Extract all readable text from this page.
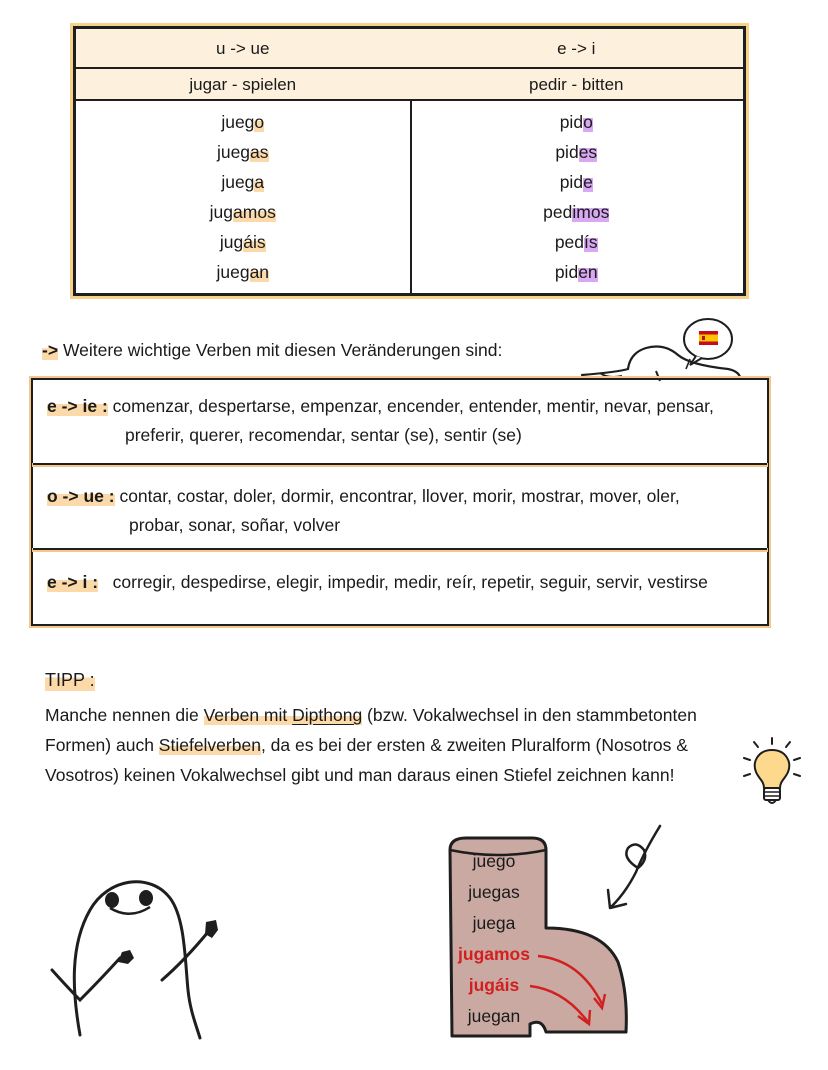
u -> ue
jugar - spielen
juego
juegas
juega
jugamos
jugáis
juegan
e -> i
pedir - bitten
pido
pides
pide
pedimos
pedís
piden
-> Weitere wichtige Verben mit diesen Veränderungen sind:
e -> ie : comenzar, despertarse, empenzar, encender, entender, mentir, nevar, pensar,
preferir, querer, recomendar, sentar (se), sentir (se)
o -> ue : contar, costar, doler, dormir, encontrar, llover, morir, mostrar, mover, oler,
probar, sonar, soñar, volver
e -> i : corregir, despedirse, elegir, impedir, medir, reír, repetir, seguir, servir, vestirse
TIPP :
Manche nennen die Verben mit Dipthong (bzw. Vokalwechsel in den stammbetonten
Formen) auch Stiefelverben, da es bei der ersten & zweiten Pluralform (Nosotros &
Vosotros) keinen Vokalwechsel gibt und man daraus einen Stiefel zeichnen kann!
juego
juegas
juega
jugamos
jugáis
juegan
